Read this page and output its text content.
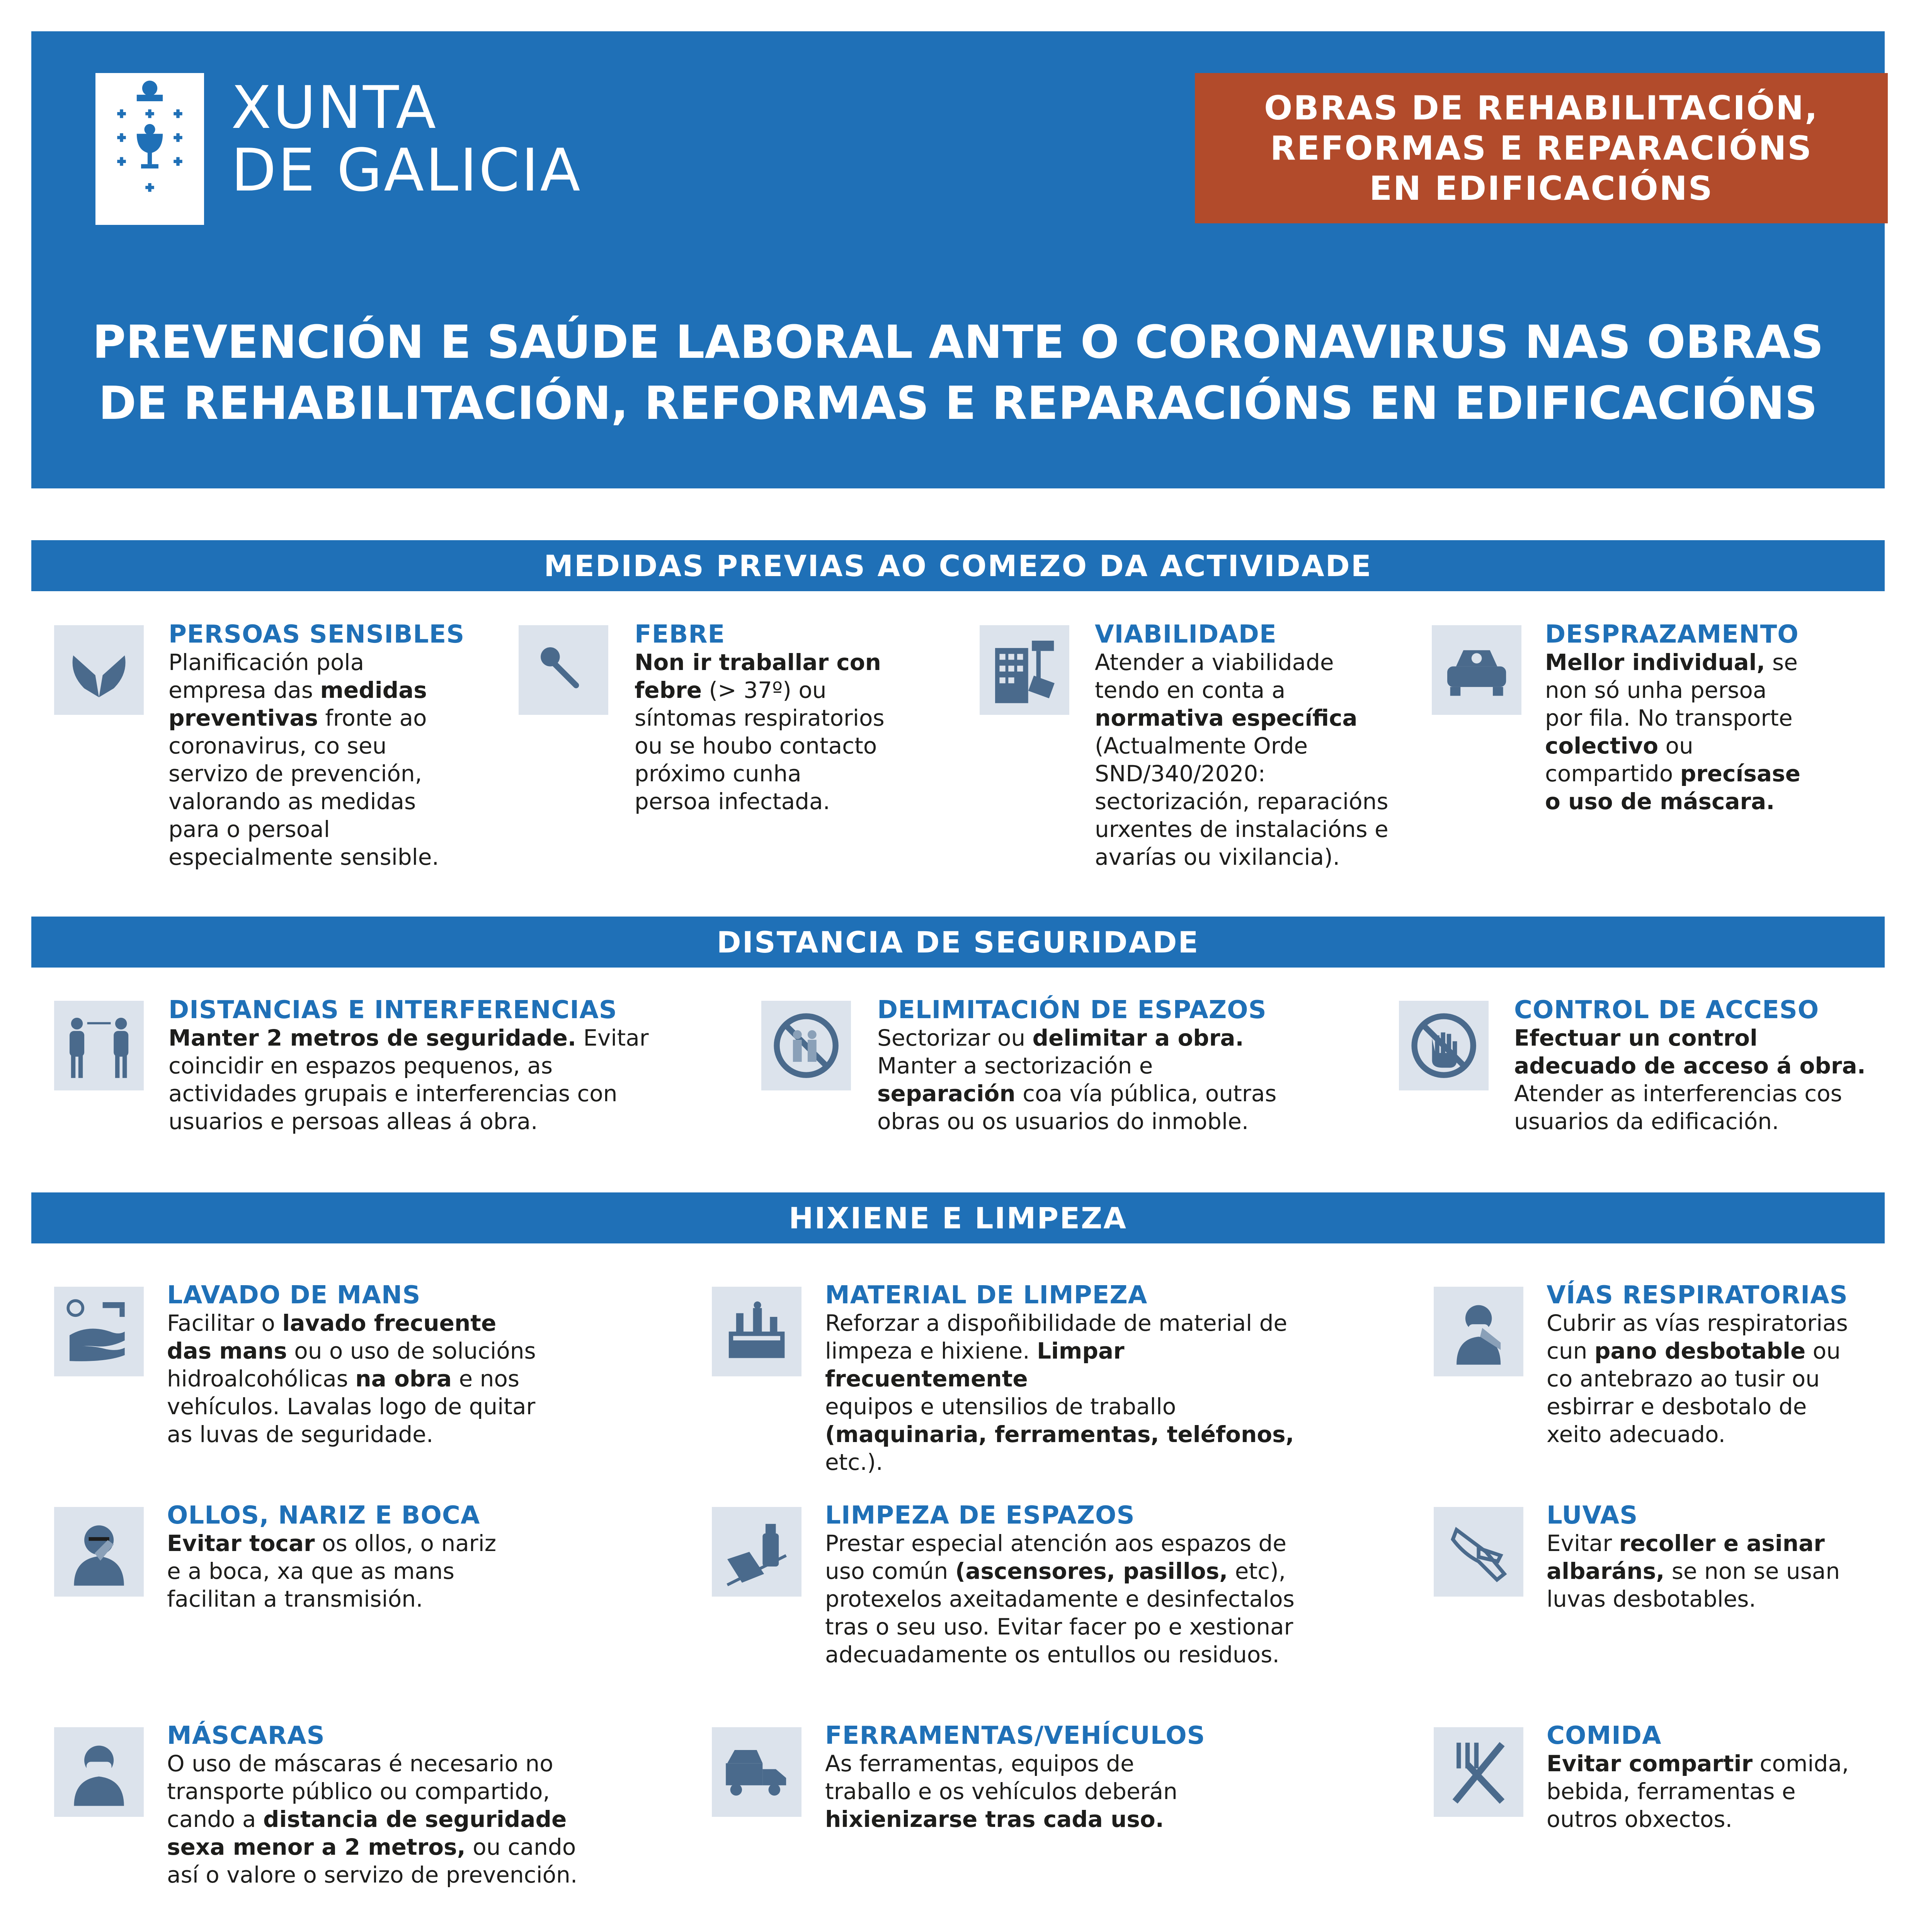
XUNTA
DE GALICIA
OBRAS DE REHABILITACIÓN,
REFORMAS E REPARACIÓNS
EN EDIFICACIÓNS
PREVENCIÓN E SAÚDE LABORAL ANTE O CORONAVIRUS NAS OBRAS
DE REHABILITACIÓN, REFORMAS E REPARACIÓNS EN EDIFICACIÓNS
MEDIDAS PREVIAS AO COMEZO DA ACTIVIDADE
DISTANCIA DE SEGURIDADE
HIXIENE E LIMPEZA
PERSOAS SENSIBLES
Planificación pola
empresa das medidas
preventivas fronte ao
coronavirus, co seu
servizo de prevención,
valorando as medidas
para o persoal
especialmente sensible.
FEBRE
Non ir traballar con
febre (> 37º) ou
síntomas respiratorios
ou se houbo contacto
próximo cunha
persoa infectada.
VIABILIDADE
Atender a viabilidade
tendo en conta a
normativa específica
(Actualmente Orde
SND/340/2020:
sectorización, reparacións
urxentes de instalacións e
avarías ou vixilancia).
DESPRAZAMENTO
Mellor individual, se
non só unha persoa
por fila. No transporte
colectivo ou
compartido precísase
o uso de máscara.
DISTANCIAS E INTERFERENCIAS
Manter 2 metros de seguridade. Evitar
coincidir en espazos pequenos, as
actividades grupais e interferencias con
usuarios e persoas alleas á obra.
DELIMITACIÓN DE ESPAZOS
Sectorizar ou delimitar a obra.
Manter a sectorización e
separación coa vía pública, outras
obras ou os usuarios do inmoble.
CONTROL DE ACCESO
Efectuar un control
adecuado de acceso á obra.
Atender as interferencias cos
usuarios da edificación.
LAVADO DE MANS
Facilitar o lavado frecuente
das mans ou o uso de solucións
hidroalcohólicas na obra e nos
vehículos. Lavalas logo de quitar
as luvas de seguridade.
MATERIAL DE LIMPEZA
Reforzar a dispoñibilidade de material de
limpeza e hixiene. Limpar frecuentemente
equipos e utensilios de traballo
(maquinaria, ferramentas, teléfonos, etc.).
VÍAS RESPIRATORIAS
Cubrir as vías respiratorias
cun pano desbotable ou
co antebrazo ao tusir ou
esbirrar e desbotalo de
xeito adecuado.
OLLOS, NARIZ E BOCA
Evitar tocar os ollos, o nariz
e a boca, xa que as mans
facilitan a transmisión.
LIMPEZA DE ESPAZOS
Prestar especial atención aos espazos de
uso común (ascensores, pasillos, etc),
protexelos axeitadamente e desinfectalos
tras o seu uso. Evitar facer po e xestionar
adecuadamente os entullos ou residuos.
LUVAS
Evitar recoller e asinar
albaráns, se non se usan
luvas desbotables.
MÁSCARAS
O uso de máscaras é necesario no
transporte público ou compartido,
cando a distancia de seguridade
sexa menor a 2 metros, ou cando
así o valore o servizo de prevención.
FERRAMENTAS/VEHÍCULOS
As ferramentas, equipos de
traballo e os vehículos deberán
hixienizarse tras cada uso.
COMIDA
Evitar compartir comida,
bebida, ferramentas e
outros obxectos.
